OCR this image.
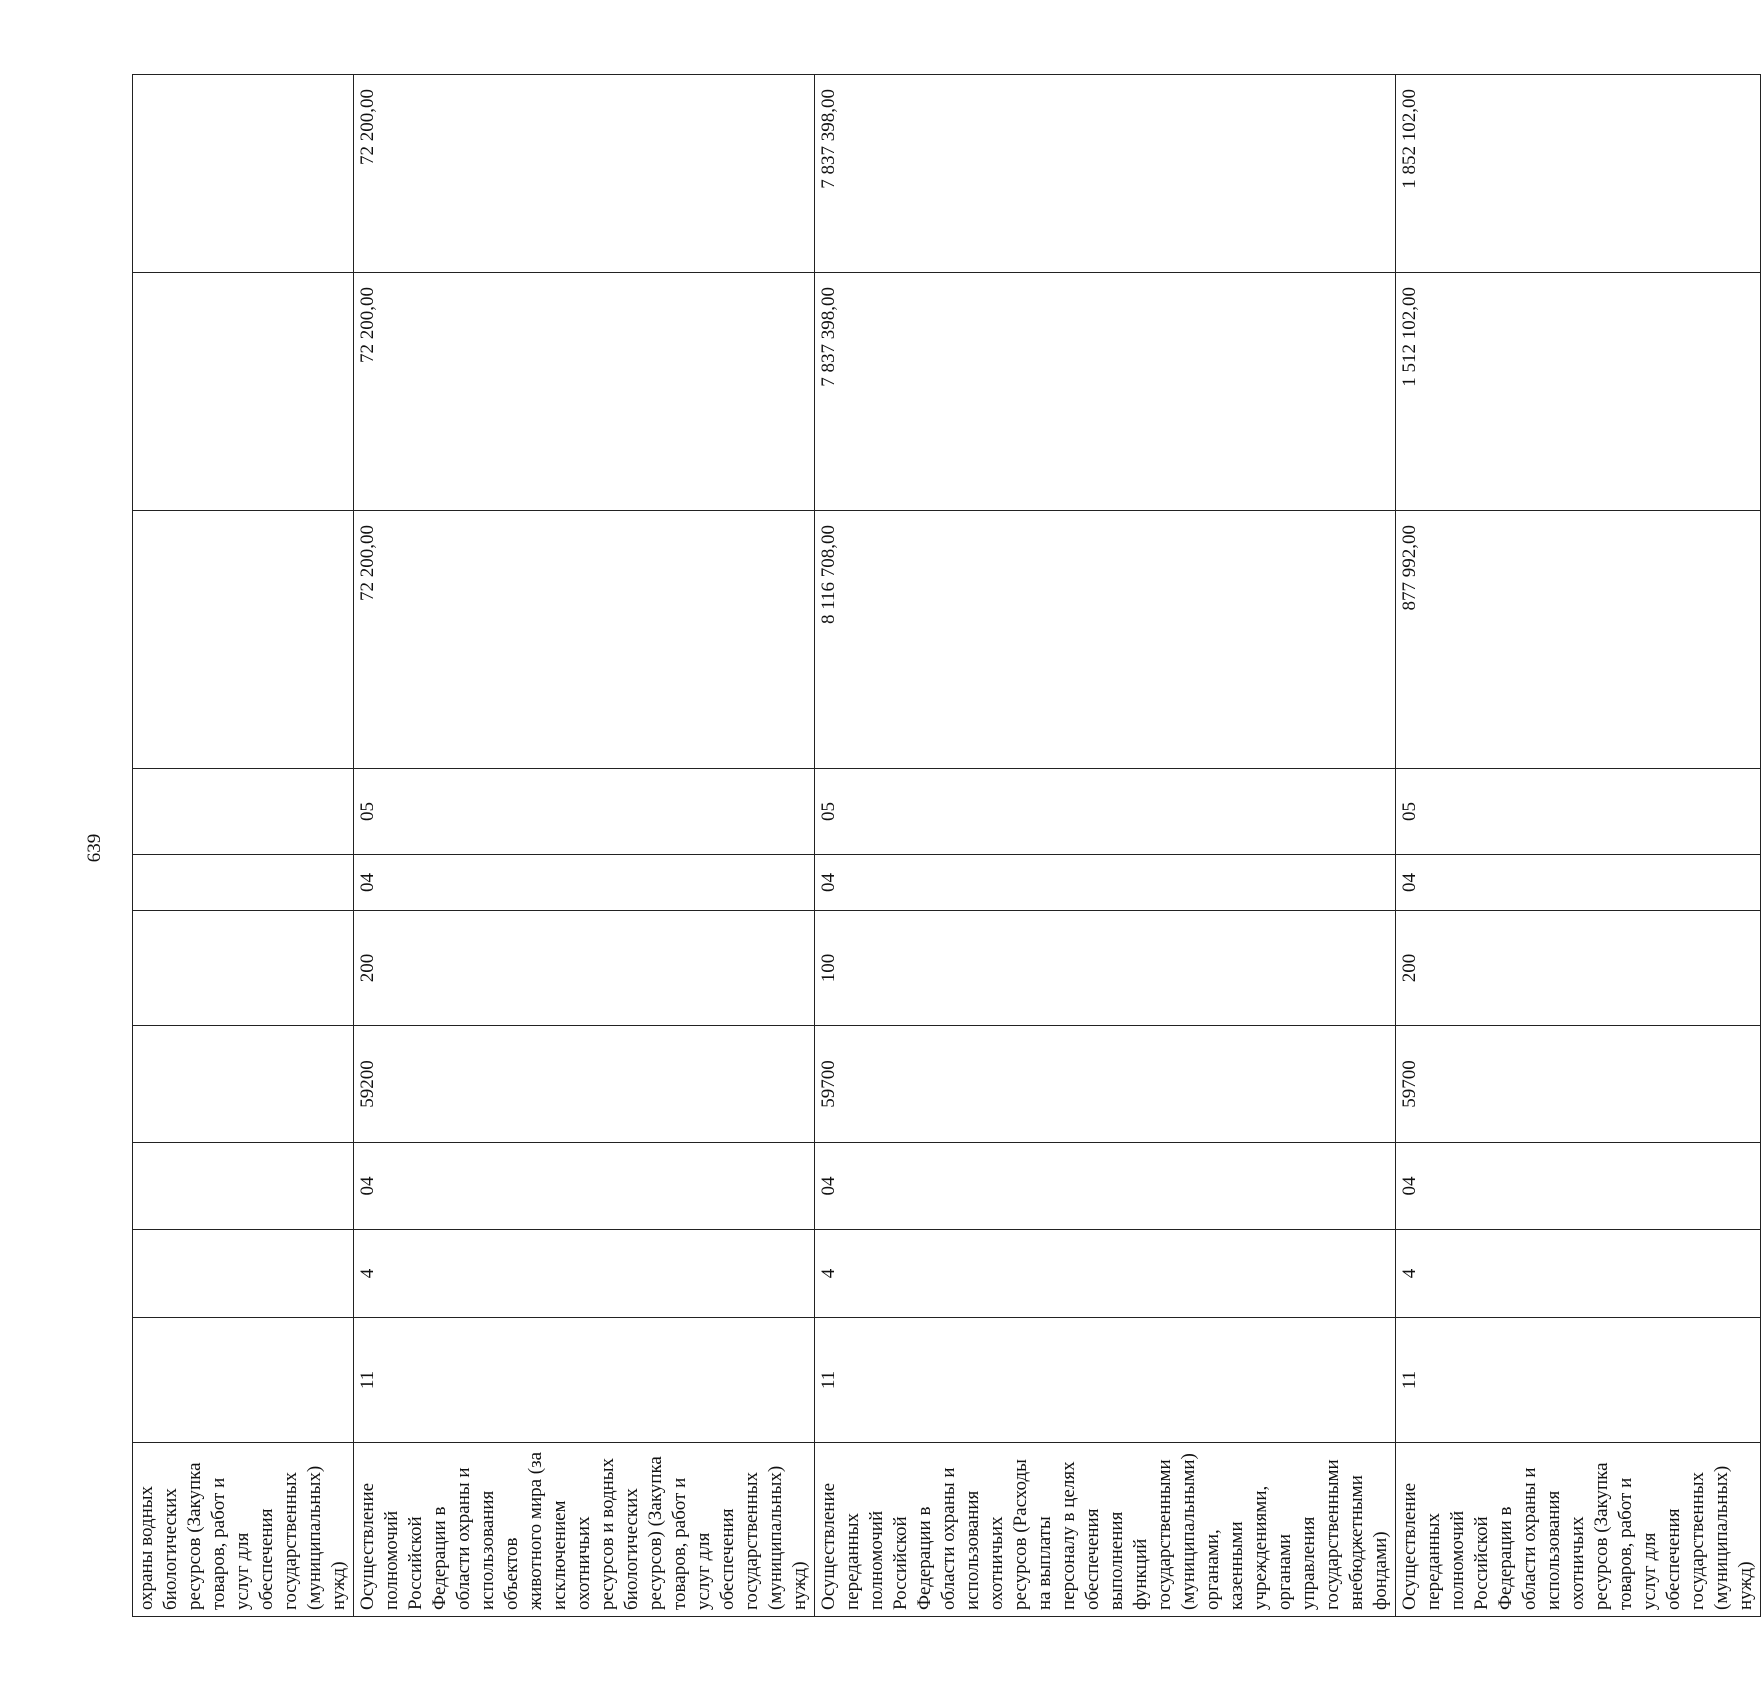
639
охраны водных биологических ресурсов (Закупка товаров, работ и услуг для обеспечения государственных (муниципальных) нужд)										
Осуществление полномочий Российской Федерации в области охраны и использования объектов животного мира (за исключением охотничьих ресурсов и водных биологических ресурсов) (Закупка товаров, работ и услуг для обеспечения государственных (муниципальных) нужд)	11	4	04	59200	200	04	05	72 200,00	72 200,00	72 200,00
Осуществление переданных полномочий Российской Федерации в области охраны и использования охотничьих ресурсов (Расходы на выплаты персоналу в целях обеспечения выполнения функций государственными (муниципальными) органами, казенными учреждениями, органами управления государственными внебюджетными фондами)	11	4	04	59700	100	04	05	8 116 708,00	7 837 398,00	7 837 398,00
Осуществление переданных полномочий Российской Федерации в области охраны и использования охотничьих ресурсов (Закупка товаров, работ и услуг для обеспечения государственных (муниципальных) нужд)	11	4	04	59700	200	04	05	877 992,00	1 512 102,00	1 852 102,00
